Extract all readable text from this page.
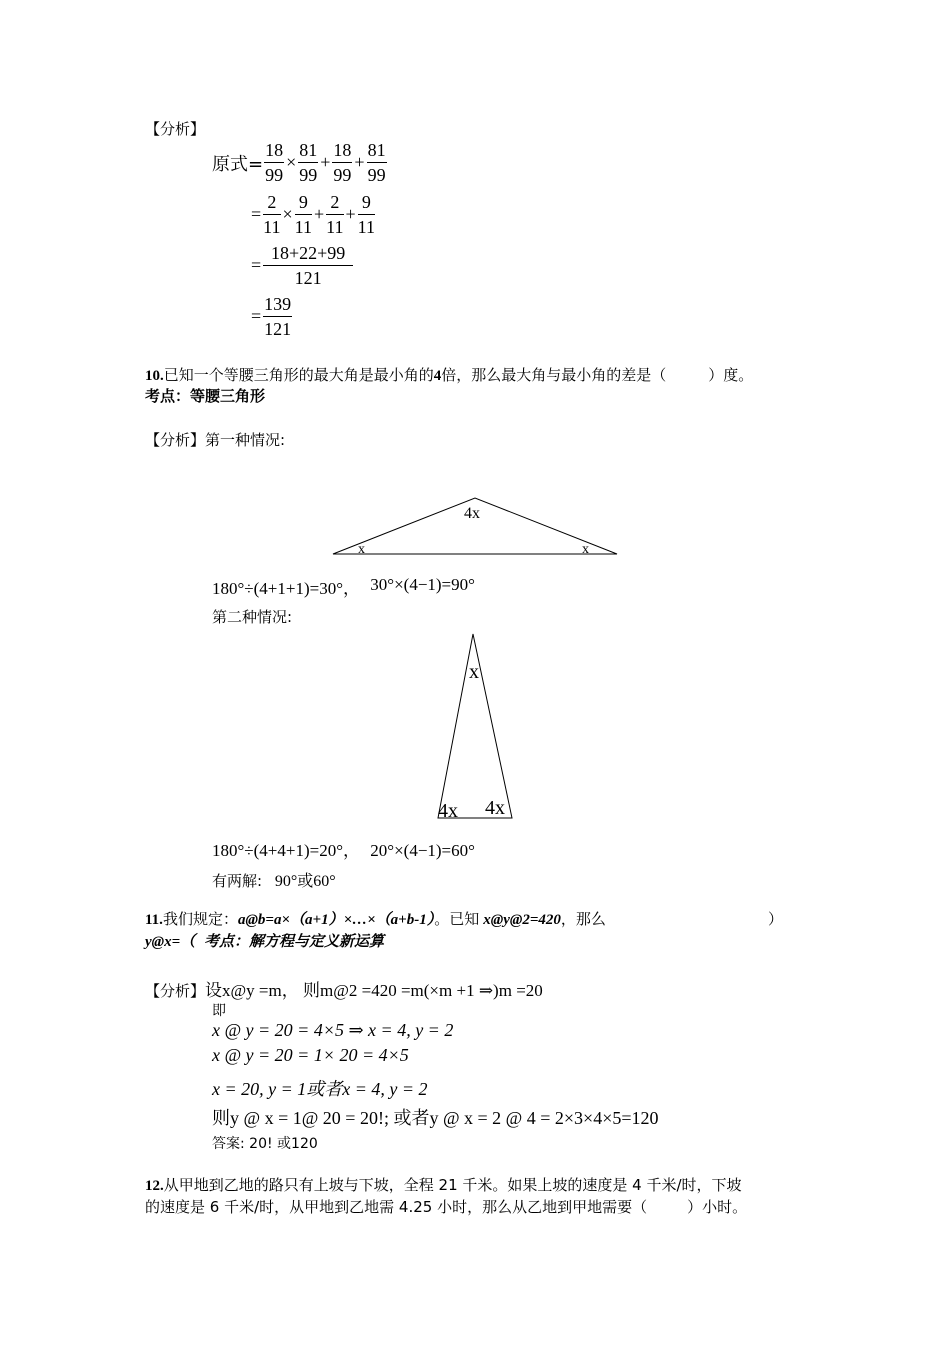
【分析】
原式= $\frac{18}{99} \times \frac{81}{99} + \frac{18}{99} + \frac{81}{99}$
= $\frac{2}{11} \times \frac{9}{11} + \frac{2}{11} + \frac{9}{11}$
= $\frac{18+22+99}{121}$
= $\frac{139}{121}$
10.已知一个等腰三角形的最大角是最小角的4倍，那么最大角与最小角的差是（	）度。
考点：等腰三角形
【分析】第一种情况:
4x
x	x
180°÷(4+1+1)=30°， 30°×(4−1)=90°
第二种情况:
x
4x 4x
180°÷(4+4+1)=20°， 20°×(4−1)=60°
有两解: 90°或60°
11.我们规定：a@b=a×（a+1）×…×（a+b-1）。已知 x@y@2=420，那么	）
y@x=（ 考点：解方程与定义新运算
【分析】设x@y =m， 则m@2 =420 =m(×m +1 ⇒)m =20
即
x @ y = 20 = 4×5 ⇒ x = 4, y = 2
x @ y = 20 = 1× 20 = 4×5
x = 20, y = 1或者x = 4, y = 2
则y @ x = 1@ 20 = 20!; 或者y @ x = 2 @ 4 = 2×3×4×5=120
答案: 20! 或120
12.从甲地到乙地的路只有上坡与下坡，全程 21 千米。如果上坡的速度是 4 千米/时，下坡
的速度是 6 千米/时，从甲地到乙地需 4.25 小时，那么从乙地到甲地需要（	）小时。
